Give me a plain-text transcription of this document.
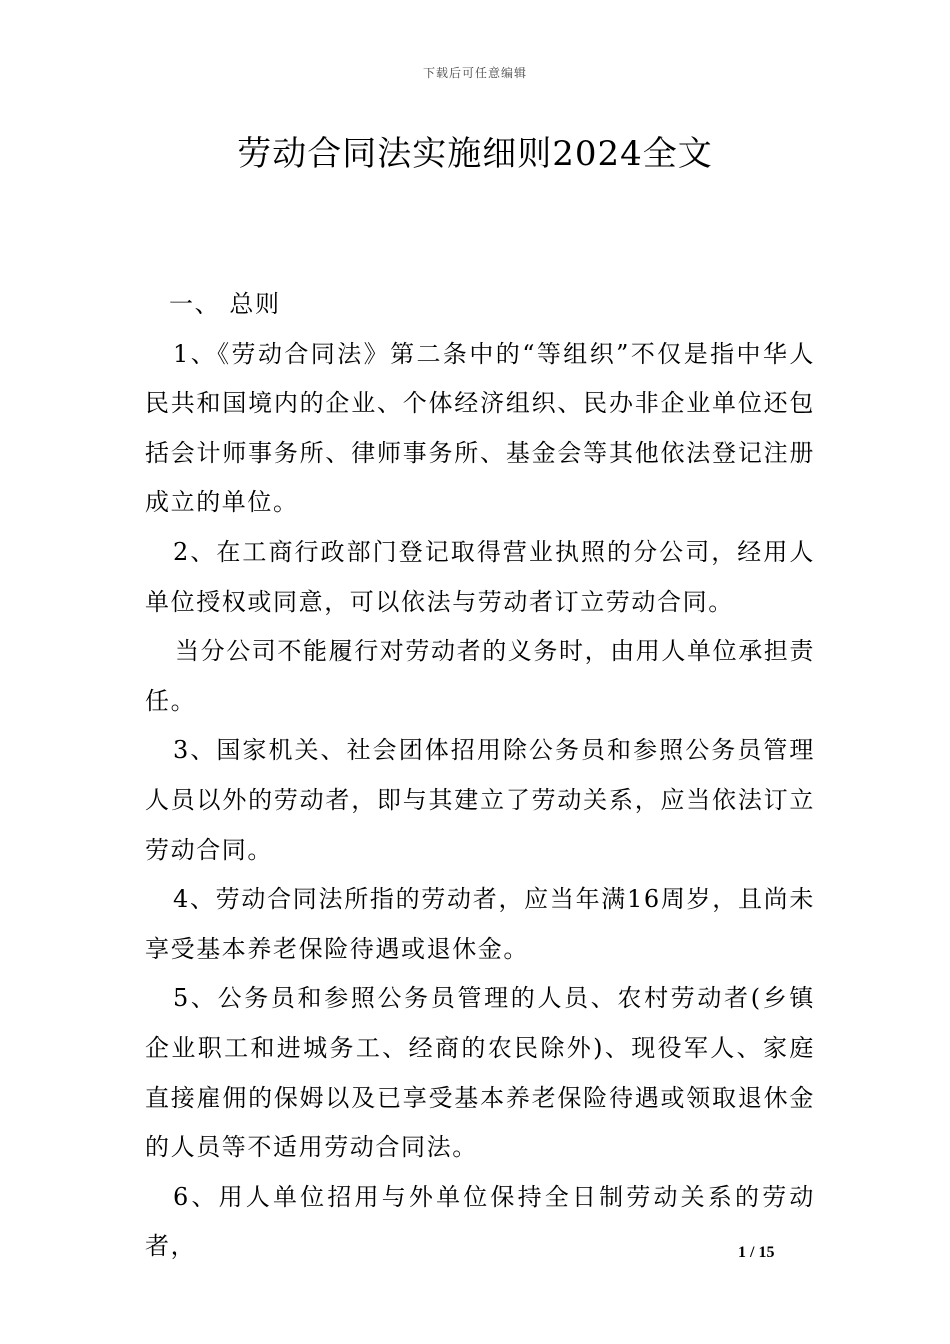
下载后可任意编辑
劳动合同法实施细则2024全文

一、 总则

1、《劳动合同法》第二条中的“等组织”不仅是指中华人民共和国境内的企业、个体经济组织、民办非企业单位还包括会计师事务所、律师事务所、基金会等其他依法登记注册成立的单位。

2、在工商行政部门登记取得营业执照的分公司，经用人单位授权或同意，可以依法与劳动者订立劳动合同。

当分公司不能履行对劳动者的义务时，由用人单位承担责任。

3、国家机关、社会团体招用除公务员和参照公务员管理人员以外的劳动者，即与其建立了劳动关系，应当依法订立劳动合同。

4、劳动合同法所指的劳动者，应当年满16周岁，且尚未享受基本养老保险待遇或退休金。

5、公务员和参照公务员管理的人员、农村劳动者(乡镇企业职工和进城务工、经商的农民除外)、现役军人、家庭直接雇佣的保姆以及已享受基本养老保险待遇或领取退休金的人员等不适用劳动合同法。

6、用人单位招用与外单位保持全日制劳动关系的劳动者，	1 / 15
